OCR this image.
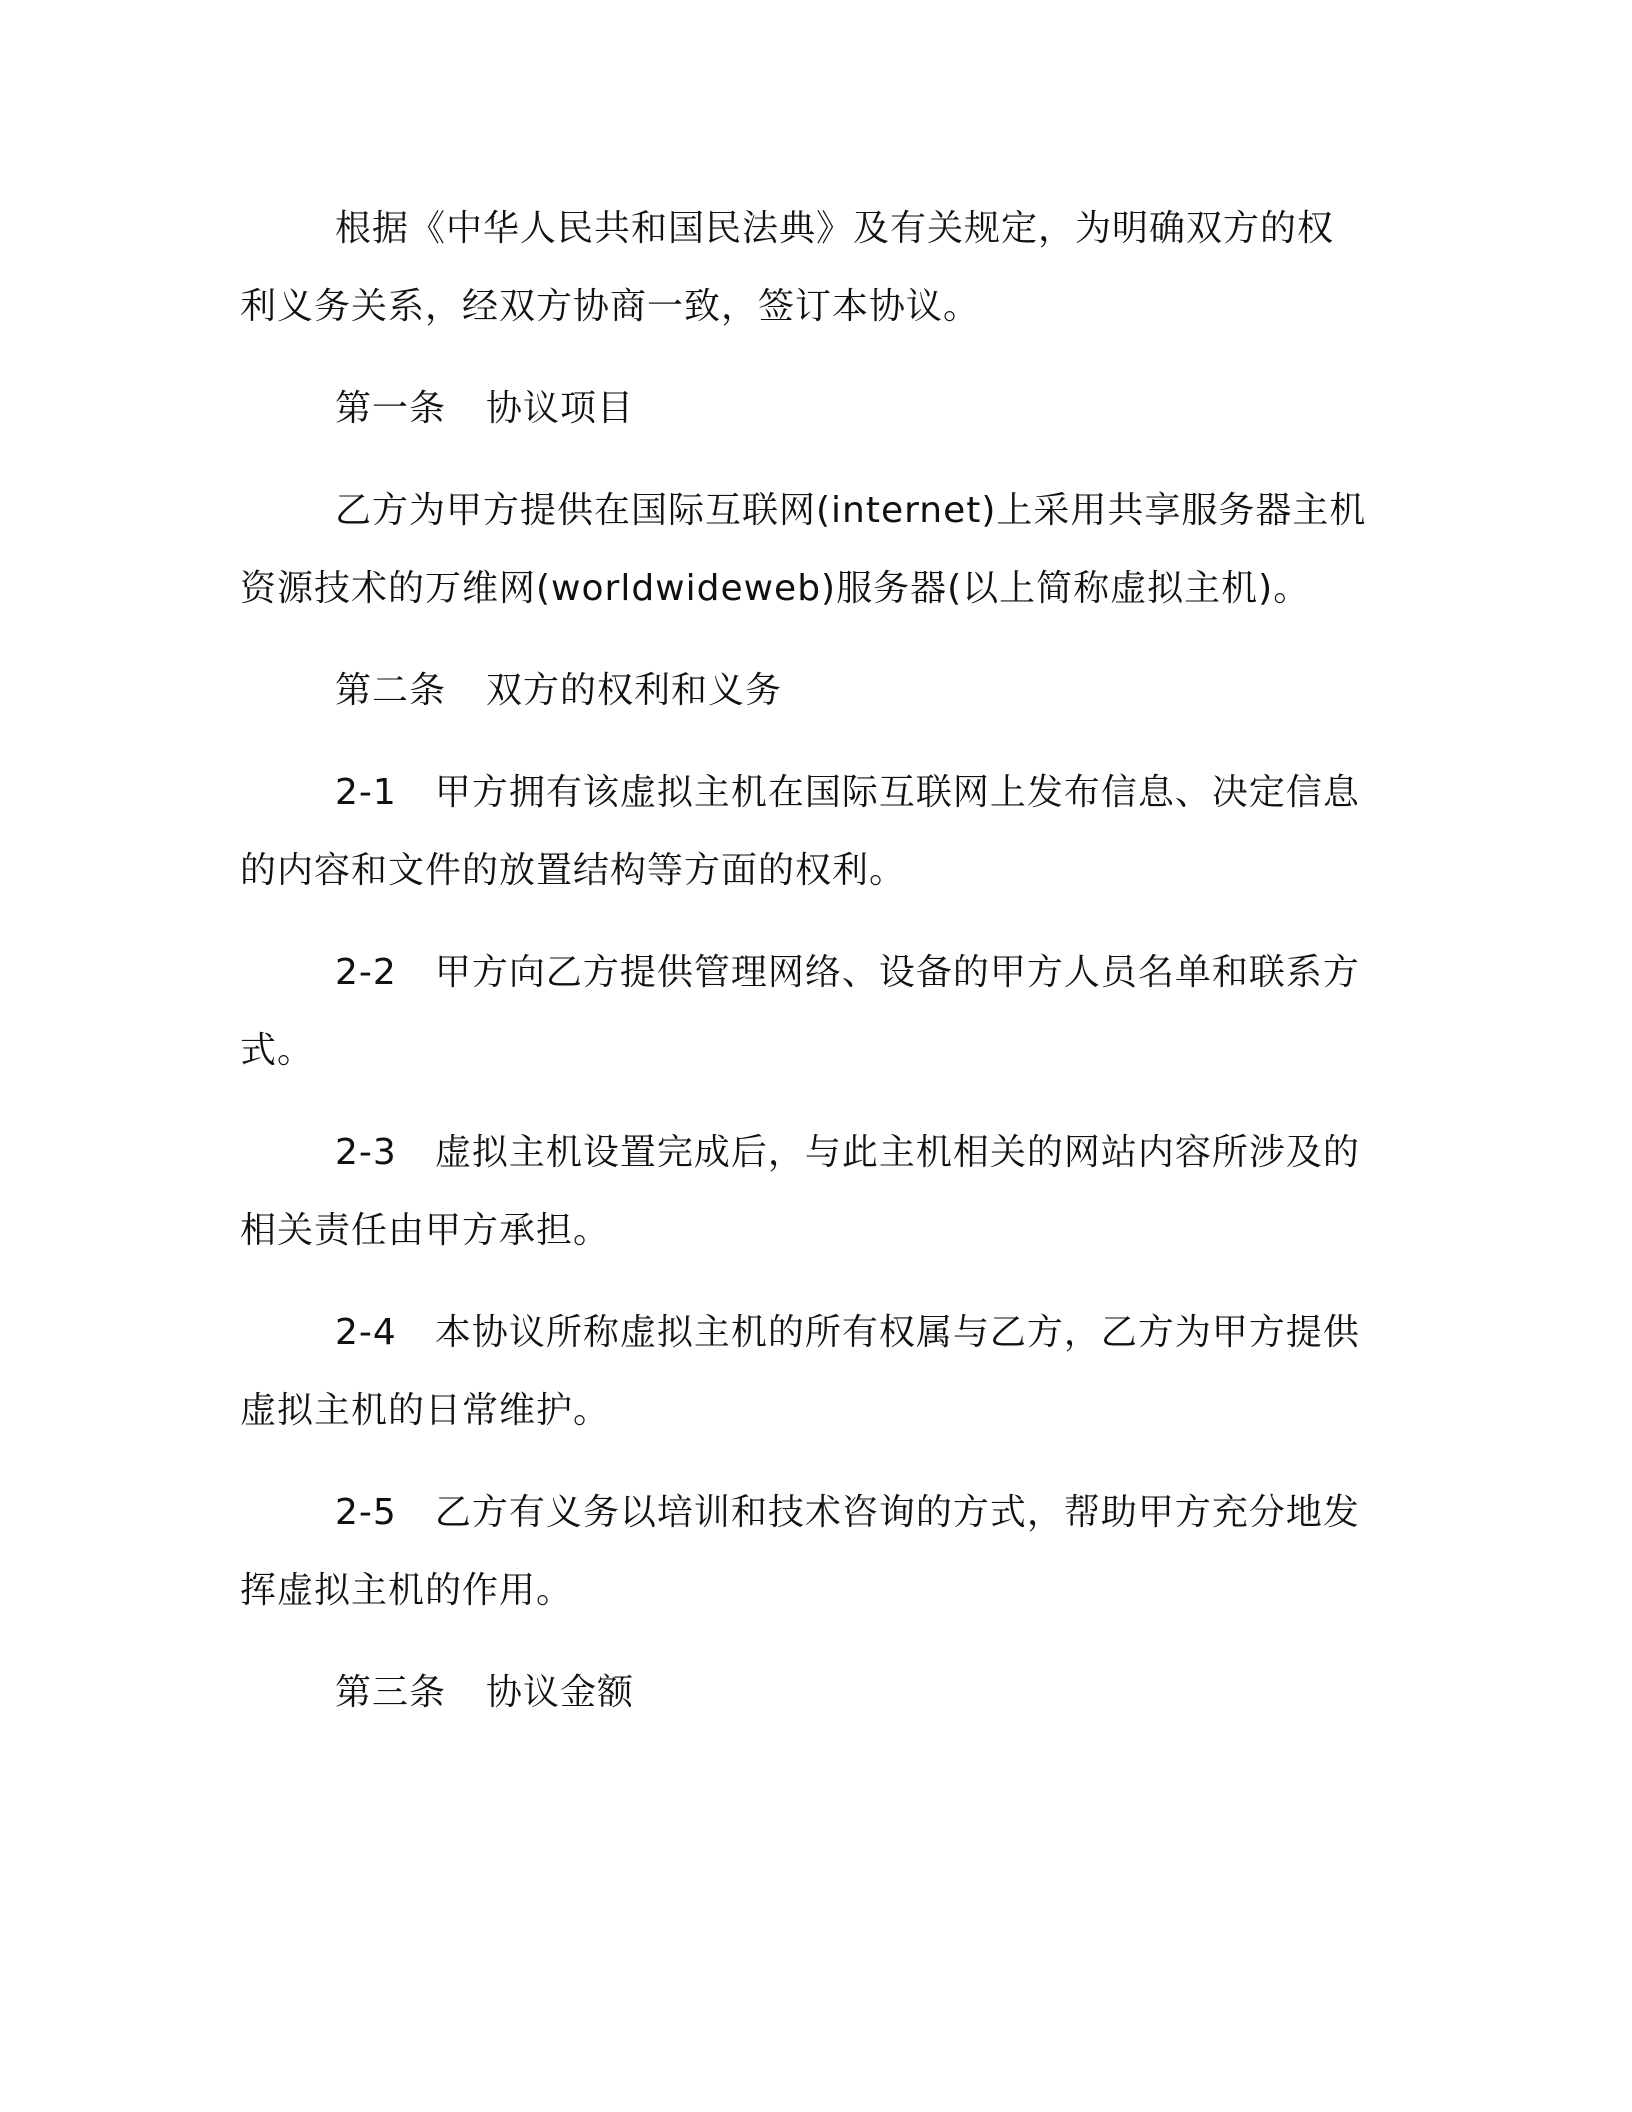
根据《中华人民共和国民法典》及有关规定，为明确双方的权利义务关系，经双方协商一致，签订本协议。

第一条 协议项目

乙方为甲方提供在国际互联网(internet)上采用共享服务器主机资源技术的万维网(worldwideweb)服务器(以上简称虚拟主机)。

第二条 双方的权利和义务

2-1 甲方拥有该虚拟主机在国际互联网上发布信息、决定信息的内容和文件的放置结构等方面的权利。

2-2 甲方向乙方提供管理网络、设备的甲方人员名单和联系方式。

2-3 虚拟主机设置完成后，与此主机相关的网站内容所涉及的相关责任由甲方承担。

2-4 本协议所称虚拟主机的所有权属与乙方，乙方为甲方提供虚拟主机的日常维护。

2-5 乙方有义务以培训和技术咨询的方式，帮助甲方充分地发挥虚拟主机的作用。

第三条 协议金额
